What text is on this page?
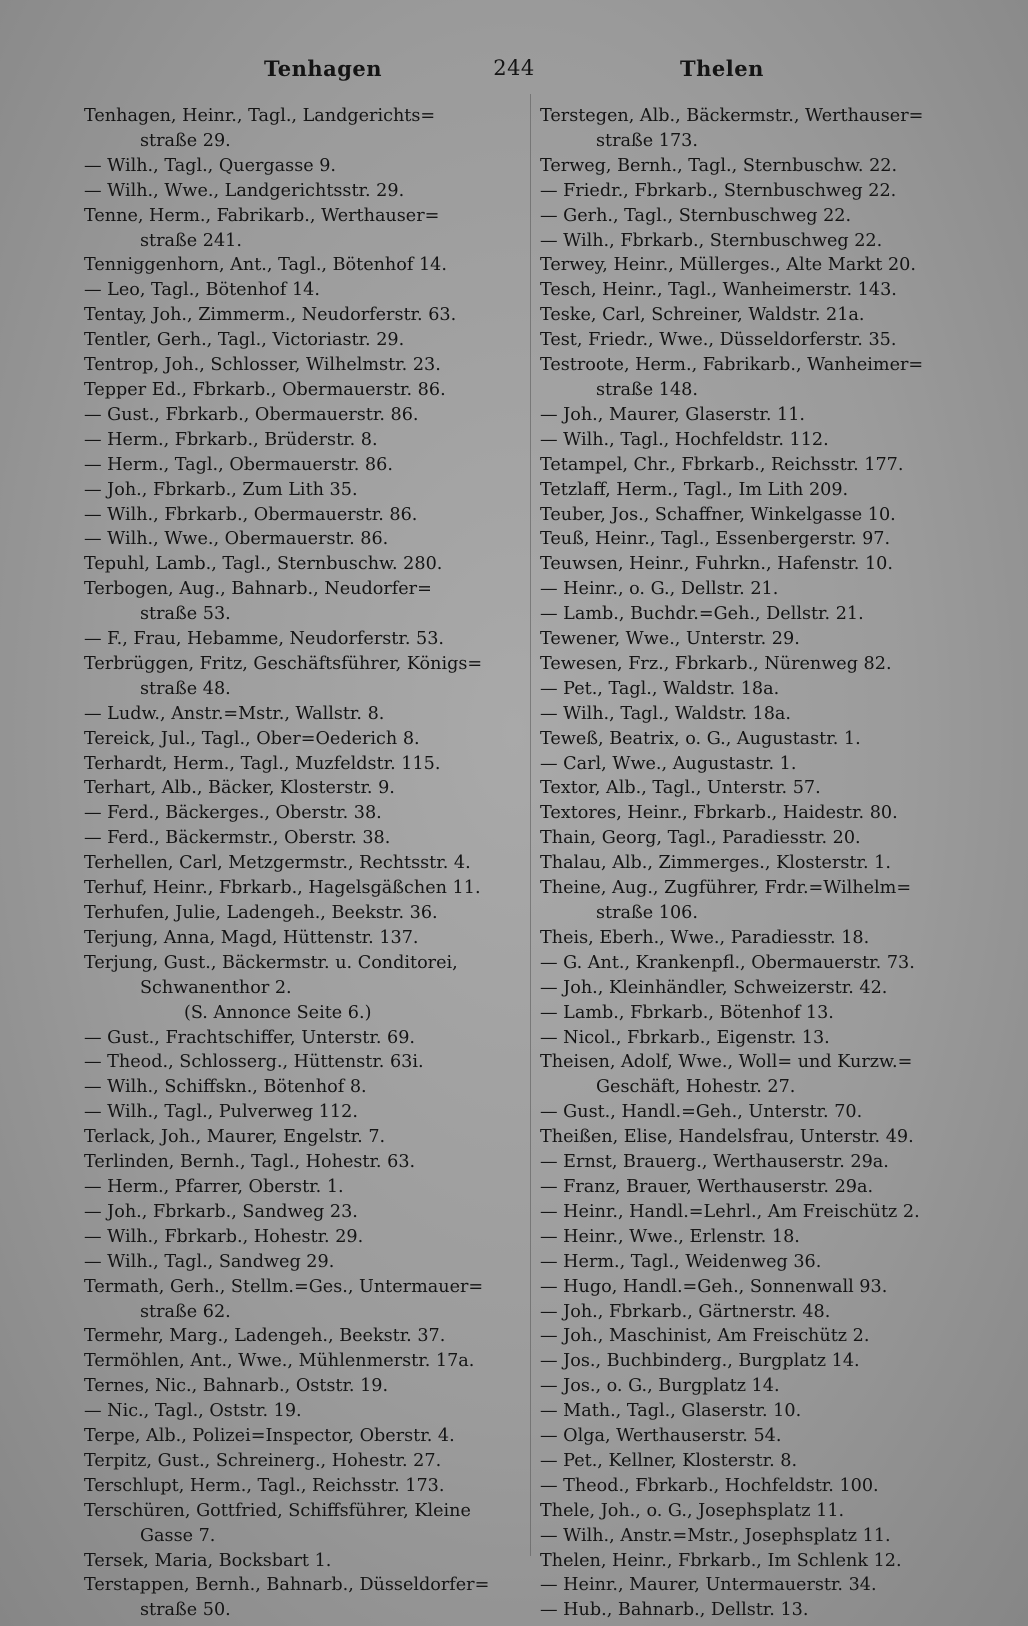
244
Tenhagen	Thelen
Tenhagen, Heinr., Tagl., Landgerichts=
straße 29.
— Wilh., Tagl., Quergasse 9.
— Wilh., Wwe., Landgerichtsstr. 29.
Tenne, Herm., Fabrikarb., Werthauser=
straße 241.
Tenniggenhorn, Ant., Tagl., Bötenhof 14.
— Leo, Tagl., Bötenhof 14.
Tentay, Joh., Zimmerm., Neudorferstr. 63.
Tentler, Gerh., Tagl., Victoriastr. 29.
Tentrop, Joh., Schlosser, Wilhelmstr. 23.
Tepper Ed., Fbrkarb., Obermauerstr. 86.
— Gust., Fbrkarb., Obermauerstr. 86.
— Herm., Fbrkarb., Brüderstr. 8.
— Herm., Tagl., Obermauerstr. 86.
— Joh., Fbrkarb., Zum Lith 35.
— Wilh., Fbrkarb., Obermauerstr. 86.
— Wilh., Wwe., Obermauerstr. 86.
Tepuhl, Lamb., Tagl., Sternbuschw. 280.
Terbogen, Aug., Bahnarb., Neudorfer=
straße 53.
— F., Frau, Hebamme, Neudorferstr. 53.
Terbrüggen, Fritz, Geschäftsführer, Königs=
straße 48.
— Ludw., Anstr.=Mstr., Wallstr. 8.
Tereick, Jul., Tagl., Ober=Oederich 8.
Terhardt, Herm., Tagl., Muzfeldstr. 115.
Terhart, Alb., Bäcker, Klosterstr. 9.
— Ferd., Bäckerges., Oberstr. 38.
— Ferd., Bäckermstr., Oberstr. 38.
Terhellen, Carl, Metzgermstr., Rechtsstr. 4.
Terhuf, Heinr., Fbrkarb., Hagelsgäßchen 11.
Terhufen, Julie, Ladengeh., Beekstr. 36.
Terjung, Anna, Magd, Hüttenstr. 137.
Terjung, Gust., Bäckermstr. u. Conditorei,
Schwanenthor 2.
(S. Annonce Seite 6.)
— Gust., Frachtschiffer, Unterstr. 69.
— Theod., Schlosserg., Hüttenstr. 63i.
— Wilh., Schiffskn., Bötenhof 8.
— Wilh., Tagl., Pulverweg 112.
Terlack, Joh., Maurer, Engelstr. 7.
Terlinden, Bernh., Tagl., Hohestr. 63.
— Herm., Pfarrer, Oberstr. 1.
— Joh., Fbrkarb., Sandweg 23.
— Wilh., Fbrkarb., Hohestr. 29.
— Wilh., Tagl., Sandweg 29.
Termath, Gerh., Stellm.=Ges., Untermauer=
straße 62.
Termehr, Marg., Ladengeh., Beekstr. 37.
Termöhlen, Ant., Wwe., Mühlenmerstr. 17a.
Ternes, Nic., Bahnarb., Oststr. 19.
— Nic., Tagl., Oststr. 19.
Terpe, Alb., Polizei=Inspector, Oberstr. 4.
Terpitz, Gust., Schreinerg., Hohestr. 27.
Terschlupt, Herm., Tagl., Reichsstr. 173.
Terschüren, Gottfried, Schiffsführer, Kleine
Gasse 7.
Tersek, Maria, Bocksbart 1.
Terstappen, Bernh., Bahnarb., Düsseldorfer=
straße 50.
Terstegen, Alb., Bäckermstr., Werthauser=
straße 173.
Terweg, Bernh., Tagl., Sternbuschw. 22.
— Friedr., Fbrkarb., Sternbuschweg 22.
— Gerh., Tagl., Sternbuschweg 22.
— Wilh., Fbrkarb., Sternbuschweg 22.
Terwey, Heinr., Müllerges., Alte Markt 20.
Tesch, Heinr., Tagl., Wanheimerstr. 143.
Teske, Carl, Schreiner, Waldstr. 21a.
Test, Friedr., Wwe., Düsseldorferstr. 35.
Testroote, Herm., Fabrikarb., Wanheimer=
straße 148.
— Joh., Maurer, Glaserstr. 11.
— Wilh., Tagl., Hochfeldstr. 112.
Tetampel, Chr., Fbrkarb., Reichsstr. 177.
Tetzlaff, Herm., Tagl., Im Lith 209.
Teuber, Jos., Schaffner, Winkelgasse 10.
Teuß, Heinr., Tagl., Essenbergerstr. 97.
Teuwsen, Heinr., Fuhrkn., Hafenstr. 10.
— Heinr., o. G., Dellstr. 21.
— Lamb., Buchdr.=Geh., Dellstr. 21.
Tewener, Wwe., Unterstr. 29.
Tewesen, Frz., Fbrkarb., Nürenweg 82.
— Pet., Tagl., Waldstr. 18a.
— Wilh., Tagl., Waldstr. 18a.
Teweß, Beatrix, o. G., Augustastr. 1.
— Carl, Wwe., Augustastr. 1.
Textor, Alb., Tagl., Unterstr. 57.
Textores, Heinr., Fbrkarb., Haidestr. 80.
Thain, Georg, Tagl., Paradiesstr. 20.
Thalau, Alb., Zimmerges., Klosterstr. 1.
Theine, Aug., Zugführer, Frdr.=Wilhelm=
straße 106.
Theis, Eberh., Wwe., Paradiesstr. 18.
— G. Ant., Krankenpfl., Obermauerstr. 73.
— Joh., Kleinhändler, Schweizerstr. 42.
— Lamb., Fbrkarb., Bötenhof 13.
— Nicol., Fbrkarb., Eigenstr. 13.
Theisen, Adolf, Wwe., Woll= und Kurzw.=
Geschäft, Hohestr. 27.
— Gust., Handl.=Geh., Unterstr. 70.
Theißen, Elise, Handelsfrau, Unterstr. 49.
— Ernst, Brauerg., Werthauserstr. 29a.
— Franz, Brauer, Werthauserstr. 29a.
— Heinr., Handl.=Lehrl., Am Freischütz 2.
— Heinr., Wwe., Erlenstr. 18.
— Herm., Tagl., Weidenweg 36.
— Hugo, Handl.=Geh., Sonnenwall 93.
— Joh., Fbrkarb., Gärtnerstr. 48.
— Joh., Maschinist, Am Freischütz 2.
— Jos., Buchbinderg., Burgplatz 14.
— Jos., o. G., Burgplatz 14.
— Math., Tagl., Glaserstr. 10.
— Olga, Werthauserstr. 54.
— Pet., Kellner, Klosterstr. 8.
— Theod., Fbrkarb., Hochfeldstr. 100.
Thele, Joh., o. G., Josephsplatz 11.
— Wilh., Anstr.=Mstr., Josephsplatz 11.
Thelen, Heinr., Fbrkarb., Im Schlenk 12.
— Heinr., Maurer, Untermauerstr. 34.
— Hub., Bahnarb., Dellstr. 13.
